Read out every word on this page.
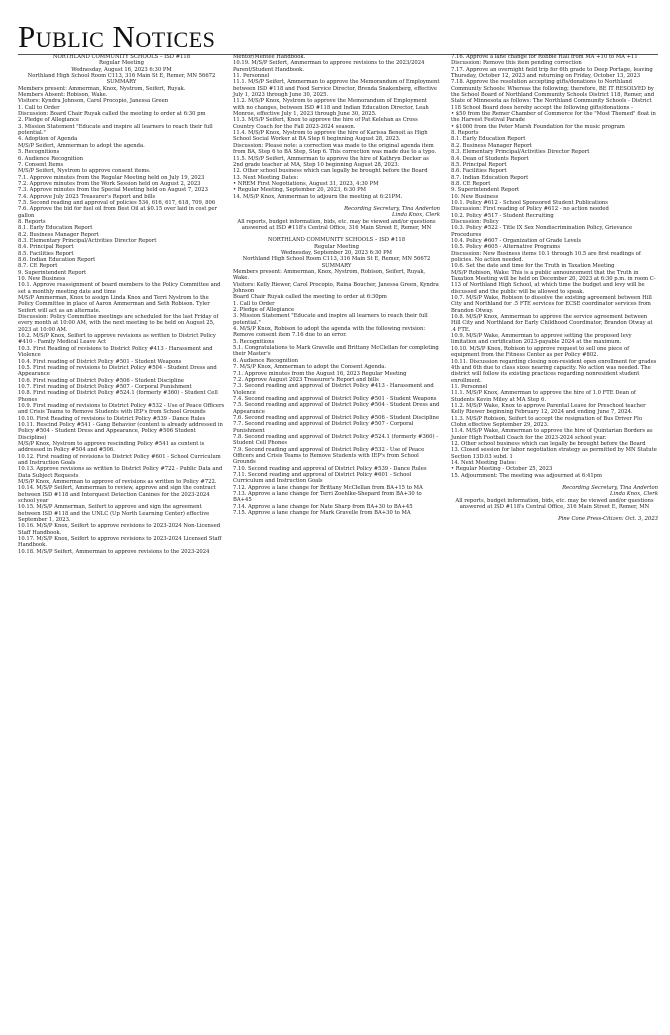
Public Notices

NORTHLAND COMMUNITY SCHOOLS – ISD #118

Regular Meeting

Wednesday, August 16, 2023 6:30 PM

Northland High School Room C113, 316 Main St E, Remer, MN 56672

SUMMARY

Members present: Ammerman, Knox, Nystrom, Seifert, Ruyak.

Members Absent: Robison, Wake.

Visitors: Kyndra Johnson, Carol Procopio, Janessa Green

1. Call to Order

Discussion: Board Chair Ruyak called the meeting to order at 6:30 pm

2. Pledge of Allegiance

3. Mission Statement "Educate and inspire all learners to reach their full potential."

4. Adoption of Agenda

M/S/P Seifert, Ammerman to adopt the agenda.

5. Recognitions

6. Audience Recognition

7. Consent Items

M/S/P Seifert, Nystrom to approve consent items.

7.1. Approve minutes from the Regular Meeting held on July 19, 2023

7.2. Approve minutes from the Work Session held on August 2, 2023

7.3. Approve minutes from the Special Meeting held on August 7, 2023

7.4. Approve July 2023 Treasurer's Report and bills

7.5. Second reading and approval of policies 534, 616, 617, 618, 709, 806

7.6. Approve the bid for fuel oil from Best Oil at $0.15 over laid in cost per gallon

8. Reports

8.1. Early Education Report

8.2. Business Manager Report

8.3. Elementary Principal/Activities Director Report

8.4. Principal Report

8.5. Facilities Report

8.6. Indian Education Report

8.7. CE Report

9. Superintendent Report

10. New Business

10.1. Approve reassignment of board members to the Policy Committee and set a monthly meeting date and time

M/S/P Ammerman, Knox to assign Linda Knox and Terri Nystrom to the Policy Committee in place of Aaron Ammerman and Seth Robison. Tyler Seifert will act as an alternate.

Discussion: Policy Committee meetings are scheduled for the last Friday of every month at 10:00 AM, with the next meeting to be held on August 25, 2023 at 10:00 AM.

10.2. M/S/P Knox, Seifert to approve revisions as written to District Policy #410 - Family Medical Leave Act

10.3. First Reading of revisions to District Policy #413 - Harassment and Violence

10.4. First reading of District Policy #501 - Student Weapons

10.5. First reading of revisions to District Policy #504 - Student Dress and Appearance

10.6. First reading of District Policy #506 - Student Discipline

10.7. First reading of District Policy #507 - Corporal Punishment

10.8. First reading of District Policy #524.1 (formerly #360) - Student Cell Phones

10.9. First reading of revisions to District Policy #532 - Use of Peace Officers and Crisis Teams to Remove Students with IEP's from School Grounds

10.10. First Reading of revisions to District Policy #539 - Dance Rules

10.11. Rescind Policy #541 - Gang Behavior (content is already addressed in Policy #504 - Student Dress and Appearance, Policy #506 Student Discipline)

M/S/P Knox, Nystrom to approve rescinding Policy #541 as content is addressed in Policy #504 and #506.

10.12. First reading of revisions to District Policy #601 - School Curriculum and Instruction Goals

10.13. Approve revisions as written to District Policy #722 - Public Data and Data Subject Requests

M/S/P Knox, Ammerman to approve of revisions as written to Policy #722.

10.14. M/S/P Seifert, Ammerman to review, approve and sign the contract between ISD #118 and Interquest Detection Canines for the 2023-2024 school year

10.15. M/S/P Ammerman, Seifert to approve and sign the agreement between ISD #118 and the UNLC (Up North Learning Center) effective September 1, 2023.

10.16. M/S/P Knox, Seifert to approve revisions to 2023-2024 Non-Licensed Staff Handbook.

10.17. M/S/P Knox, Seifert to approve revisions to 2023-2024 Licensed Staff Handbook.

10.18. M/S/P Seifert, Ammerman to approve revisions to the 2023-2024

Mentor/Mentee Handbook.

10.19. M/S/P Seifert, Ammerman to approve revisions to the 2023/2024 Parent/Student Handbook.

11. Personnel

11.1. M/S/P Seifert, Ammerman to approve the Memorandum of Employment between ISD #118 and Food Service Director, Brenda Snakenberg, effective July 1, 2023 through June 30, 2025.

11.2. M/S/P Knox, Nystrom to approve the Memorandum of Employment with no changes, between ISD #118 and Indian Education Director, Leah Monroe, effective July 1, 2023 through June 30, 2025.

11.3. M/S/P Seifert, Knox to approve the hire of Pat Kelehan as Cross Country Coach for the Fall 2023-2024 season.

11.4. M/S/P Knox, Nystrom to approve the hire of Karissa Benoit as High School Social Worker at BA Step 6 beginning August 28, 2023.

Discussion: Please note: a correction was made to the original agenda item from BA, Step 6 to BA Step, Step 6. This correction was made due to a typo.

11.5. M/S/P Seifert, Ammerman to approve the hire of Kathryn Decker as 2nd grade teacher at MA, Step 10 beginning August 28, 2023.

12. Other school business which can legally be brought before the Board

13. Next Meeting Dates:

• NREM First Negotiations, August 31, 2023, 4:30 PM

• Regular Meeting, September 20, 2023, 6:30 PM

14. M/S/P Knox, Ammerman to adjourn the meeting at 6:21PM.

Recording Secretary, Tina Anderton

Linda Knox, Clerk

All reports, budget information, bids, etc. may be viewed and/or questions answered at ISD #118's Central Office, 316 Main Street E, Remer, MN

NORTHLAND COMMUNITY SCHOOLS – ISD #118

Regular Meeting

Wednesday, September 20, 2023 6:30 PM

Northland High School Room C113, 316 Main St E, Remer, MN 56672

SUMMARY

Members present: Ammerman, Knox, Nystrom, Robison, Seifert, Ruyak, Wake.

Visitors: Kelly Riewer, Carol Procopio, Raina Boucher, Janessa Green, Kyndra Johnson

Board Chair Ruyak called the meeting to order at 6:30pm

1. Call to Order

2. Pledge of Allegiance

3. Mission Statement "Educate and inspire all learners to reach their full potential."

4. M/S/P Knox, Robison to adopt the agenda with the following revision: Remove consent item 7.16 due to an error.

5. Recognitions

5.1. Congratulations to Mark Gravelle and Brittany McClellan for completing their Master's

6. Audience Recognition

7. M/S/P Knox, Ammerman to adopt the Consent Agenda.

7.1. Approve minutes from the August 16, 2023 Regular Meeting

7.2. Approve August 2023 Treasurer's Report and bills

7.3. Second reading and approval of District Policy #413 - Harassment and Violence

7.4. Second reading and approval of District Policy #501 - Student Weapons

7.5. Second reading and approval of District Policy #504 - Student Dress and Appearance

7.6. Second reading and approval of District Policy #506 - Student Discipline

7.7. Second reading and approval of District Policy #507 - Corporal Punishment

7.8. Second reading and approval of District Policy #524.1 (formerly #360) - Student Cell Phones

7.9. Second reading and approval of District Policy #532 - Use of Peace Officers and Crisis Teams to Remove Students with IEP's from School Grounds

7.10. Second reading and approval of District Policy #539 - Dance Rules

7.11. Second reading and approval of District Policy #601 - School Curriculum and Instruction Goals

7.12. Approve a lane change for Brittany McClellan from BA+15 to MA

7.13. Approve a lane change for Terri Zoehlke-Shepard from BA+30 to BA+45

7.14. Approve a lane change for Nate Sharp from BA+30 to BA+45

7.15. Approve a lane change for Mark Gravelle from BA+30 to MA

7.16. Approve a lane change for Robbie Hall from MA +10 to MA +11

Discussion: Remove this item pending correction

7.17. Approve an overnight field trip for 6th grade to Deep Portage, leaving Thursday, October 12, 2023 and returning on Friday, October 13, 2023

7.18. Approve the resolution accepting gifts/donations to Northland Community Schools: Whereas the following; therefore, BE IT RESOLVED by the School Board of Northland Community Schools District 118, Remer, and State of Minnesota as follows: The Northland Community Schools - District 118 School Board does hereby accept the following gifts/donations -

• $50 from the Remer Chamber of Commerce for the "Most Themed" float in the Harvest Festival Parade

• $1000 from the Peter Marsh Foundation for the music program

8. Reports

8.1. Early Education Report

8.2. Business Manager Report

8.3. Elementary Principal/Activities Director Report

8.4. Dean of Students Report

8.5. Principal Report

8.6. Facilities Report

8.7. Indian Education Report

8.8. CE Report

9. Superintendent Report

10. New Business

10.1. Policy #612 - School Sponsored Student Publications

Discussion: First reading of Policy #612 - no action needed

10.2. Policy #517 - Student Recruiting

Discussion: Policy

10.3. Policy #522 - Title IX Sex Nondiscrimination Policy, Grievance Procedures

10.4. Policy #607 - Organization of Grade Levels

10.5. Policy #605 - Alternative Programs

Discussion: New Business items 10.1 through 10.5 are first readings of policies. No action needed.

10.6. Set the date and time for the Truth in Taxation Meeting

M/S/P Robison, Wake: This is a public announcement that the Truth in Taxation Meeting will be held on December 20, 2023 at 6:30 p.m. in room C-113 of Northland High School, at which time the budget and levy will be discussed and the public will be allowed to speak.

10.7. M/S/P Wake, Robison to dissolve the existing agreement between Hill City and Northland for .5 FTE services for ECSE coordinator services from Brandon Otway.

10.8. M/S/P Knox, Ammerman to approve the service agreement between Hill City and Northland for Early Childhood Coordinator, Brandon Otway at .4 FTE.

10.9. M/S/P Wake, Ammerman to approve setting the proposed levy limitation and certification 2023-payable 2024 at the maximum.

10.10. M/S/P Knox, Robison to approve request to sell one piece of equipment from the Fitness Center as per Policy #802.

10.11. Discussion regarding closing non-resident open enrollment for grades 4th and 6th due to class sizes nearing capacity. No action was needed. The district will follow its existing practices regarding nonresident student enrollment.

11. Personnel

11.1. M/S/P Knox, Ammerman to approve the hire of 1.0 FTE Dean of Students Kevin Miley at MA Step 6.

11.2. M/S/P Wake, Knox to approve Parental Leave for Preschool teacher Kelly Riewer beginning February 12, 2024 and ending June 7, 2024.

11.3. M/S/P Robison, Seifert to accept the resignation of Bus Driver Flo Clohn effective September 29, 2023.

11.4. M/S/P Wake, Ammerman to approve the hire of Quintarian Borders as Junior High Football Coach for the 2023-2024 school year.

12. Other school business which can legally be brought before the Board

13. Closed session for labor negotiation strategy as permitted by MN Statute Section 13D.03 subd. 1

14. Next Meeting Dates:

• Regular Meeting - October 25, 2023

15. Adjournment: The meeting was adjourned at 6:41pm

Recording Secretary, Tina Anderton

Linda Knox, Clerk

All reports, budget information, bids, etc. may be viewed and/or questions answered at ISD #118's Central Office, 316 Main Street E, Remer, MN

Pine Cone Press-Citizen: Oct. 3, 2023
